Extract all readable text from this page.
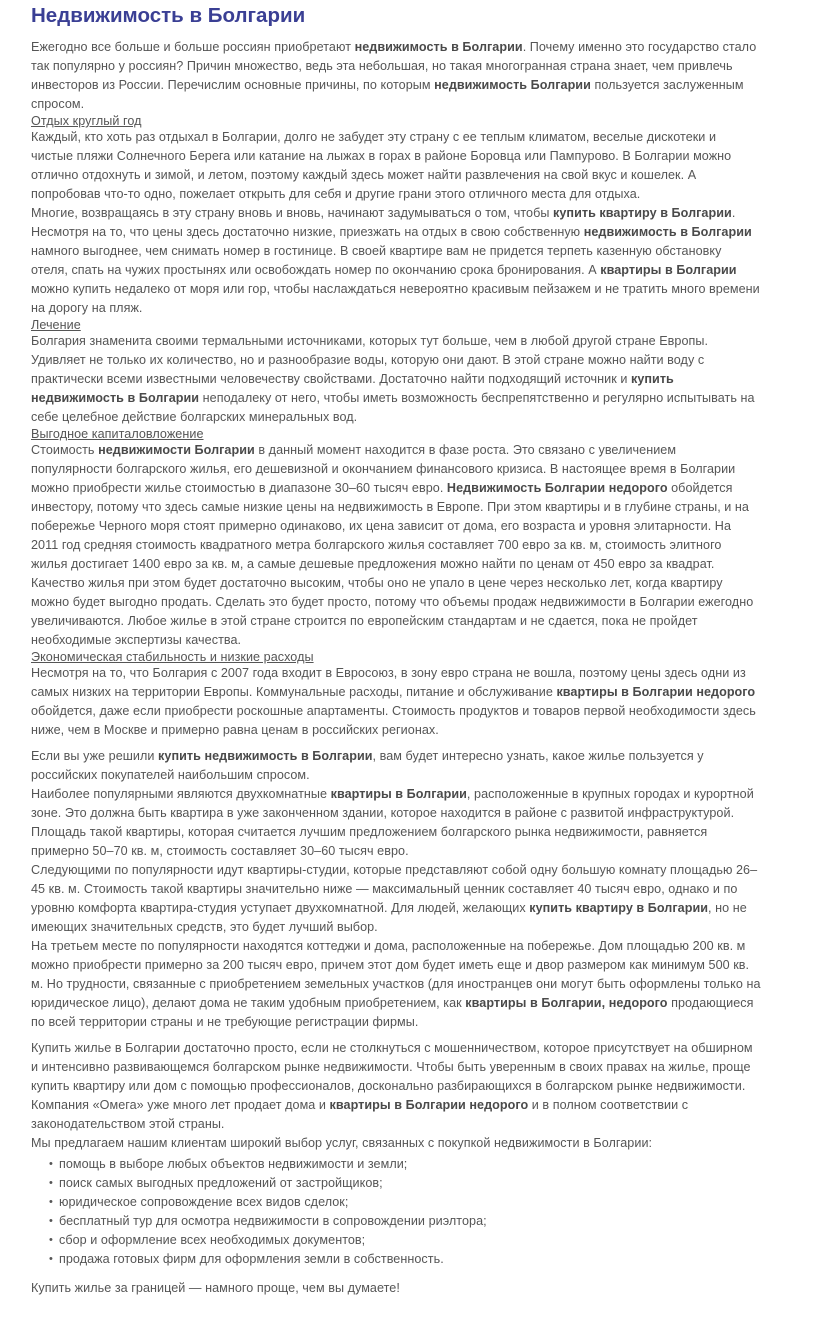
Недвижимость в Болгарии

Ежегодно все больше и больше россиян приобретают недвижимость в Болгарии. Почему именно это государство стало так популярно у россиян? Причин множество, ведь эта небольшая, но такая многогранная страна знает, чем привлечь инвесторов из России. Перечислим основные причины, по которым недвижимость Болгарии пользуется заслуженным спросом.

Отдых круглый год

Каждый, кто хоть раз отдыхал в Болгарии, долго не забудет эту страну с ее теплым климатом, веселые дискотеки и чистые пляжи Солнечного Берега или катание на лыжах в горах в районе Боровца или Пампурово. В Болгарии можно отлично отдохнуть и зимой, и летом, поэтому каждый здесь может найти развлечения на свой вкус и кошелек. А попробовав что-то одно, пожелает открыть для себя и другие грани этого отличного места для отдыха.

Многие, возвращаясь в эту страну вновь и вновь, начинают задумываться о том, чтобы купить квартиру в Болгарии. Несмотря на то, что цены здесь достаточно низкие, приезжать на отдых в свою собственную недвижимость в Болгарии намного выгоднее, чем снимать номер в гостинице. В своей квартире вам не придется терпеть казенную обстановку отеля, спать на чужих простынях или освобождать номер по окончанию срока бронирования. А квартиры в Болгарии можно купить недалеко от моря или гор, чтобы наслаждаться невероятно красивым пейзажем и не тратить много времени на дорогу на пляж.

Лечение

Болгария знаменита своими термальными источниками, которых тут больше, чем в любой другой стране Европы. Удивляет не только их количество, но и разнообразие воды, которую они дают. В этой стране можно найти воду с практически всеми известными человечеству свойствами. Достаточно найти подходящий источник и купить недвижимость в Болгарии неподалеку от него, чтобы иметь возможность беспрепятственно и регулярно испытывать на себе целебное действие болгарских минеральных вод.

Выгодное капиталовложение

Стоимость недвижимости Болгарии в данный момент находится в фазе роста. Это связано с увеличением популярности болгарского жилья, его дешевизной и окончанием финансового кризиса. В настоящее время в Болгарии можно приобрести жилье стоимостью в диапазоне 30–60 тысяч евро. Недвижимость Болгарии недорого обойдется инвестору, потому что здесь самые низкие цены на недвижимость в Европе. При этом квартиры и в глубине страны, и на побережье Черного моря стоят примерно одинаково, их цена зависит от дома, его возраста и уровня элитарности. На 2011 год средняя стоимость квадратного метра болгарского жилья составляет 700 евро за кв. м, стоимость элитного жилья достигает 1400 евро за кв. м, а самые дешевые предложения можно найти по ценам от 450 евро за квадрат.

Качество жилья при этом будет достаточно высоким, чтобы оно не упало в цене через несколько лет, когда квартиру можно будет выгодно продать. Сделать это будет просто, потому что объемы продаж недвижимости в Болгарии ежегодно увеличиваются. Любое жилье в этой стране строится по европейским стандартам и не сдается, пока не пройдет необходимые экспертизы качества.

Экономическая стабильность и низкие расходы

Несмотря на то, что Болгария с 2007 года входит в Евросоюз, в зону евро страна не вошла, поэтому цены здесь одни из самых низких на территории Европы. Коммунальные расходы, питание и обслуживание квартиры в Болгарии недорого обойдется, даже если приобрести роскошные апартаменты. Стоимость продуктов и товаров первой необходимости здесь ниже, чем в Москве и примерно равна ценам в российских регионах.

Если вы уже решили купить недвижимость в Болгарии, вам будет интересно узнать, какое жилье пользуется у российских покупателей наибольшим спросом.

Наиболее популярными являются двухкомнатные квартиры в Болгарии, расположенные в крупных городах и курортной зоне. Это должна быть квартира в уже законченном здании, которое находится в районе с развитой инфраструктурой. Площадь такой квартиры, которая считается лучшим предложением болгарского рынка недвижимости, равняется примерно 50–70 кв. м, стоимость составляет 30–60 тысяч евро.

Следующими по популярности идут квартиры-студии, которые представляют собой одну большую комнату площадью 26–45 кв. м. Стоимость такой квартиры значительно ниже — максимальный ценник составляет 40 тысяч евро, однако и по уровню комфорта квартира-студия уступает двухкомнатной. Для людей, желающих купить квартиру в Болгарии, но не имеющих значительных средств, это будет лучший выбор.

На третьем месте по популярности находятся коттеджи и дома, расположенные на побережье. Дом площадью 200 кв. м можно приобрести примерно за 200 тысяч евро, причем этот дом будет иметь еще и двор размером как минимум 500 кв. м. Но трудности, связанные с приобретением земельных участков (для иностранцев они могут быть оформлены только на юридическое лицо), делают дома не таким удобным приобретением, как квартиры в Болгарии, недорого продающиеся по всей территории страны и не требующие регистрации фирмы.

Купить жилье в Болгарии достаточно просто, если не столкнуться с мошенничеством, которое присутствует на обширном и интенсивно развивающемся болгарском рынке недвижимости. Чтобы быть уверенным в своих правах на жилье, проще купить квартиру или дом с помощью профессионалов, досконально разбирающихся в болгарском рынке недвижимости.

Компания «Омега» уже много лет продает дома и квартиры в Болгарии недорого и в полном соответствии с законодательством этой страны.

Мы предлагаем нашим клиентам широкий выбор услуг, связанных с покупкой недвижимости в Болгарии:

• помощь в выборе любых объектов недвижимости и земли;
• поиск самых выгодных предложений от застройщиков;
• юридическое сопровождение всех видов сделок;
• бесплатный тур для осмотра недвижимости в сопровождении риэлтора;
• сбор и оформление всех необходимых документов;
• продажа готовых фирм для оформления земли в собственность.

Купить жилье за границей — намного проще, чем вы думаете!
